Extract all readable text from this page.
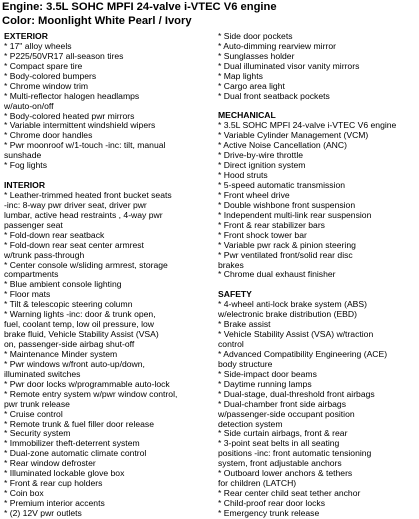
Engine: 3.5L SOHC MPFI 24-valve i-VTEC V6 engine
Color: Moonlight White Pearl / Ivory
EXTERIOR
* 17" alloy wheels
* P225/50VR17 all-season tires
* Compact spare tire
* Body-colored bumpers
* Chrome window trim
* Multi-reflector halogen headlamps
w/auto-on/off
* Body-colored heated pwr mirrors
* Variable intermittent windshield wipers
* Chrome door handles
* Pwr moonroof w/1-touch -inc: tilt, manual
sunshade
* Fog lights
INTERIOR
* Leather-trimmed heated front bucket seats
-inc: 8-way pwr driver seat, driver pwr
lumbar, active head restraints , 4-way pwr
passenger seat
* Fold-down rear seatback
* Fold-down rear seat center armrest
w/trunk pass-through
* Center console w/sliding armrest, storage
compartments
* Blue ambient console lighting
* Floor mats
* Tilt & telescopic steering column
* Warning lights -inc: door & trunk open,
fuel, coolant temp, low oil pressure, low
brake fluid, Vehicle Stability Assist (VSA)
on, passenger-side airbag shut-off
* Maintenance Minder system
* Pwr windows w/front auto-up/down,
illuminated switches
* Pwr door locks w/programmable auto-lock
* Remote entry system w/pwr window control,
pwr trunk release
* Cruise control
* Remote trunk & fuel filler door release
* Security system
* Immobilizer theft-deterrent system
* Dual-zone automatic climate control
* Rear window defroster
* Illuminated lockable glove box
* Front & rear cup holders
* Coin box
* Premium interior accents
* (2) 12V pwr outlets
* Side door pockets
* Auto-dimming rearview mirror
* Sunglasses holder
* Dual illuminated visor vanity mirrors
* Map lights
* Cargo area light
* Dual front seatback pockets
MECHANICAL
* 3.5L SOHC MPFI 24-valve i-VTEC V6 engine
* Variable Cylinder Management (VCM)
* Active Noise Cancellation (ANC)
* Drive-by-wire throttle
* Direct ignition system
* Hood struts
* 5-speed automatic transmission
* Front wheel drive
* Double wishbone front suspension
* Independent multi-link rear suspension
* Front & rear stabilizer bars
* Front shock tower bar
* Variable pwr rack & pinion steering
* Pwr ventilated front/solid rear disc
brakes
* Chrome dual exhaust finisher
SAFETY
* 4-wheel anti-lock brake system (ABS)
w/electronic brake distribution (EBD)
* Brake assist
* Vehicle Stability Assist (VSA) w/traction
control
* Advanced Compatibility Engineering (ACE)
body structure
* Side-impact door beams
* Daytime running lamps
* Dual-stage, dual-threshold front airbags
* Dual-chamber front side airbags
w/passenger-side occupant position
detection system
* Side curtain airbags, front & rear
* 3-point seat belts in all seating
positions -inc: front automatic tensioning
system, front adjustable anchors
* Outboard lower anchors & tethers
for children (LATCH)
* Rear center child seat tether anchor
* Child-proof rear door locks
* Emergency trunk release
